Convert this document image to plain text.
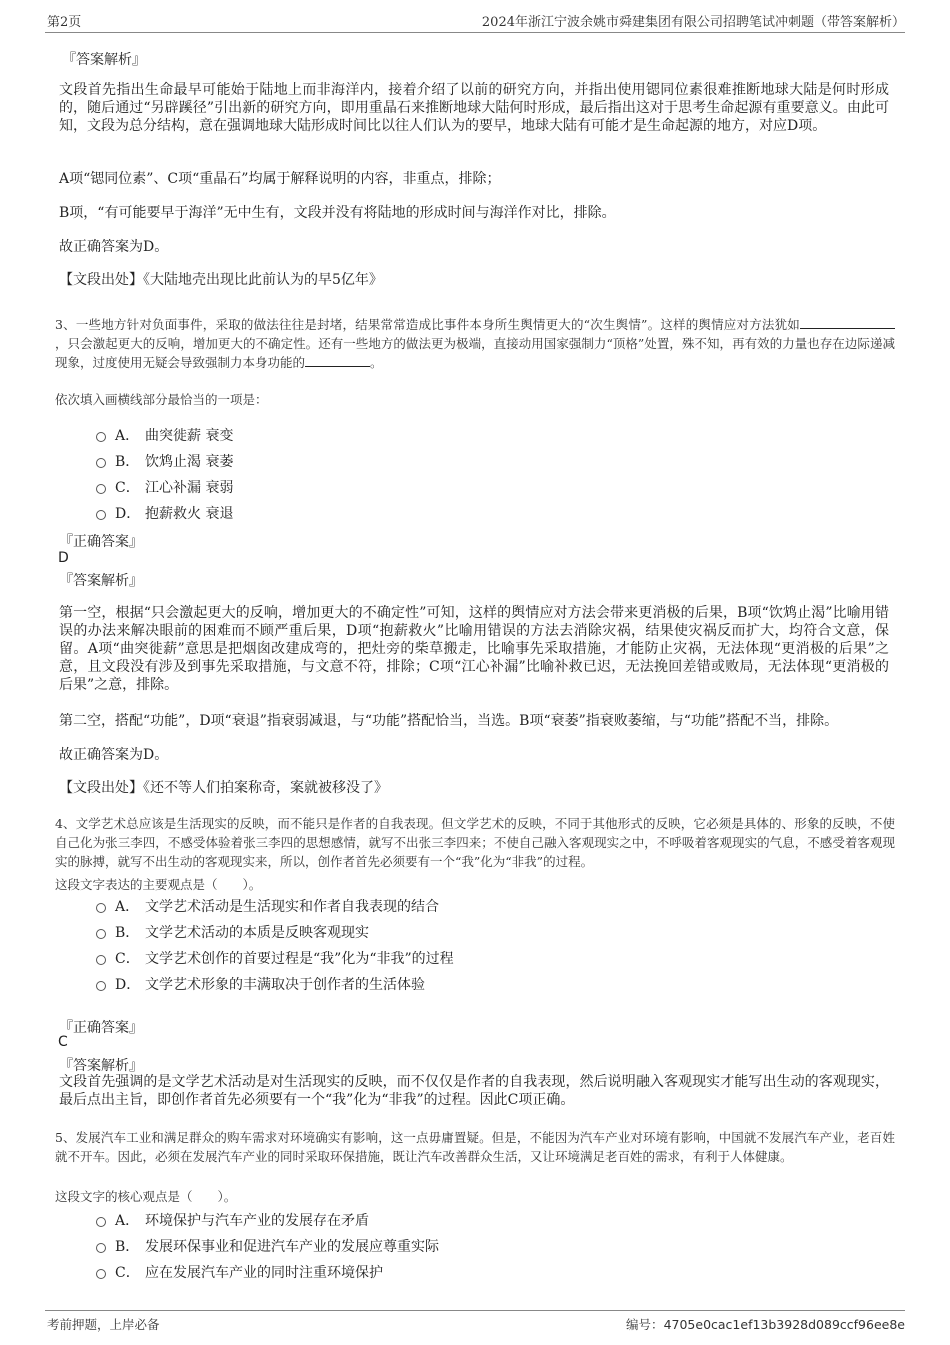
第2页	2024年浙江宁波余姚市舜建集团有限公司招聘笔试冲刺题（带答案解析）
『答案解析』
文段首先指出生命最早可能始于陆地上而非海洋内，接着介绍了以前的研究方向，并指出使用锶同位素很难推断地球大陆是何时形成的，随后通过“另辟蹊径”引出新的研究方向，即用重晶石来推断地球大陆何时形成，最后指出这对于思考生命起源有重要意义。由此可知，文段为总分结构，意在强调地球大陆形成时间比以往人们认为的要早，地球大陆有可能才是生命起源的地方，对应D项。
A项“锶同位素”、C项“重晶石”均属于解释说明的内容，非重点，排除；
B项，“有可能要早于海洋”无中生有，文段并没有将陆地的形成时间与海洋作对比，排除。
故正确答案为D。
【文段出处】《大陆地壳出现比此前认为的早5亿年》
3、一些地方针对负面事件，采取的做法往往是封堵，结果常常造成比事件本身所生舆情更大的“次生舆情”。这样的舆情应对方法犹如，只会激起更大的反响，增加更大的不确定性。还有一些地方的做法更为极端，直接动用国家强制力“顶格”处置，殊不知，再有效的力量也存在边际递减现象，过度使用无疑会导致强制力本身功能的	。
依次填入画横线部分最恰当的一项是：
A． 曲突徙薪 衰变
B． 饮鸩止渴 衰萎
C． 江心补漏 衰弱
D． 抱薪救火 衰退
『正确答案』
D
『答案解析』
第一空，根据“只会激起更大的反响，增加更大的不确定性”可知，这样的舆情应对方法会带来更消极的后果，B项“饮鸩止渴”比喻用错误的办法来解决眼前的困难而不顾严重后果，D项“抱薪救火”比喻用错误的方法去消除灾祸，结果使灾祸反而扩大，均符合文意，保留。A项“曲突徙薪”意思是把烟囱改建成弯的，把灶旁的柴草搬走，比喻事先采取措施，才能防止灾祸，无法体现“更消极的后果”之意，且文段没有涉及到事先采取措施，与文意不符，排除；C项“江心补漏”比喻补救已迟，无法挽回差错或败局，无法体现“更消极的后果”之意，排除。
第二空，搭配“功能”，D项“衰退”指衰弱减退，与“功能”搭配恰当，当选。B项“衰萎”指衰败萎缩，与“功能”搭配不当，排除。
故正确答案为D。
【文段出处】《还不等人们拍案称奇，案就被移没了》
4、文学艺术总应该是生活现实的反映，而不能只是作者的自我表现。但文学艺术的反映，不同于其他形式的反映，它必须是具体的、形象的反映，不使自己化为张三李四，不感受体验着张三李四的思想感情，就写不出张三李四来；不使自己融入客观现实之中，不呼吸着客观现实的气息，不感受着客观现实的脉搏，就写不出生动的客观现实来，所以，创作者首先必须要有一个“我”化为“非我”的过程。
这段文字表达的主要观点是（　　）。
A． 文学艺术活动是生活现实和作者自我表现的结合
B． 文学艺术活动的本质是反映客观现实
C． 文学艺术创作的首要过程是“我”化为“非我”的过程
D． 文学艺术形象的丰满取决于创作者的生活体验
『正确答案』
C
『答案解析』
文段首先强调的是文学艺术活动是对生活现实的反映，而不仅仅是作者的自我表现，然后说明融入客观现实才能写出生动的客观现实，最后点出主旨，即创作者首先必须要有一个“我”化为“非我”的过程。因此C项正确。
5、发展汽车工业和满足群众的购车需求对环境确实有影响，这一点毋庸置疑。但是，不能因为汽车产业对环境有影响，中国就不发展汽车产业，老百姓就不开车。因此，必须在发展汽车产业的同时采取环保措施，既让汽车改善群众生活，又让环境满足老百姓的需求，有利于人体健康。
这段文字的核心观点是（　　）。
A． 环境保护与汽车产业的发展存在矛盾
B． 发展环保事业和促进汽车产业的发展应尊重实际
C． 应在发展汽车产业的同时注重环境保护
考前押题，上岸必备	编号：4705e0cac1ef13b3928d089ccf96ee8e
